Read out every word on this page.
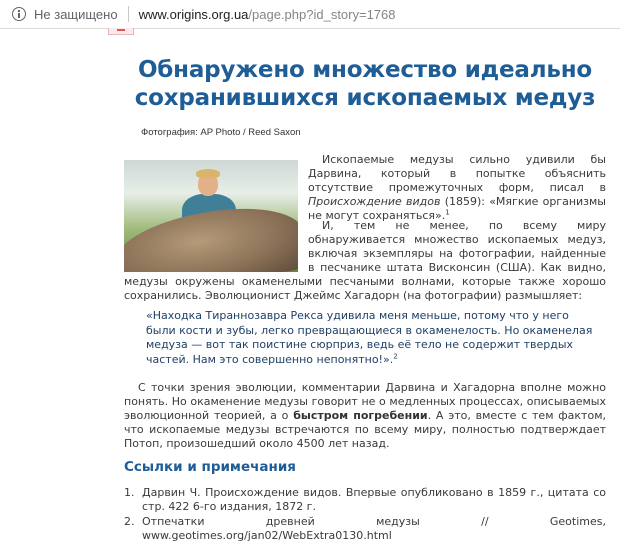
Не защищено www.origins.org.ua /page.php?id_story=1768
Обнаружено множество идеально сохранившихся ископаемых медуз
Фотография: AP Photo / Reed Saxon
Ископаемые медузы сильно удивили бы Дарвина, который в попытке объяснить отсутствие промежуточных форм, писал в Происхождение видов (1859): «Мягкие организмы не могут сохраняться».$^1$
И, тем не менее, по всему миру обнаруживается множество ископаемых медуз, включая экземпляры на фотографии, найденные в песчанике штата Висконсин (США). Как видно, медузы окружены окаменелыми песчаными волнами, которые также хорошо сохранились. Эволюционист Джеймс Хагадорн (на фотографии) размышляет:
«Находка Тираннозавра Рекса удивила меня меньше, потому что у него были кости и зубы, легко превращающиеся в окаменелость. Но окаменелая медуза — вот так поистине сюрприз, ведь её тело не содержит твердых частей. Нам это совершенно непонятно!».$^2$
С точки зрения эволюции, комментарии Дарвина и Хагадорна вполне можно понять. Но окаменение медузы говорит не о медленных процессах, описываемых эволюционной теорией, а о быстром погребении. А это, вместе с тем фактом, что ископаемые медузы встречаются по всему миру, полностью подтверждает Потоп, произошедший около 4500 лет назад.
Ссылки и примечания
1. Дарвин Ч. Происхождение видов. Впервые опубликовано в 1859 г., цитата со стр. 422 6-го издания, 1872 г.
2. Отпечатки древней медузы // Geotimes, www.geotimes.org/jan02/WebExtra0130.html
